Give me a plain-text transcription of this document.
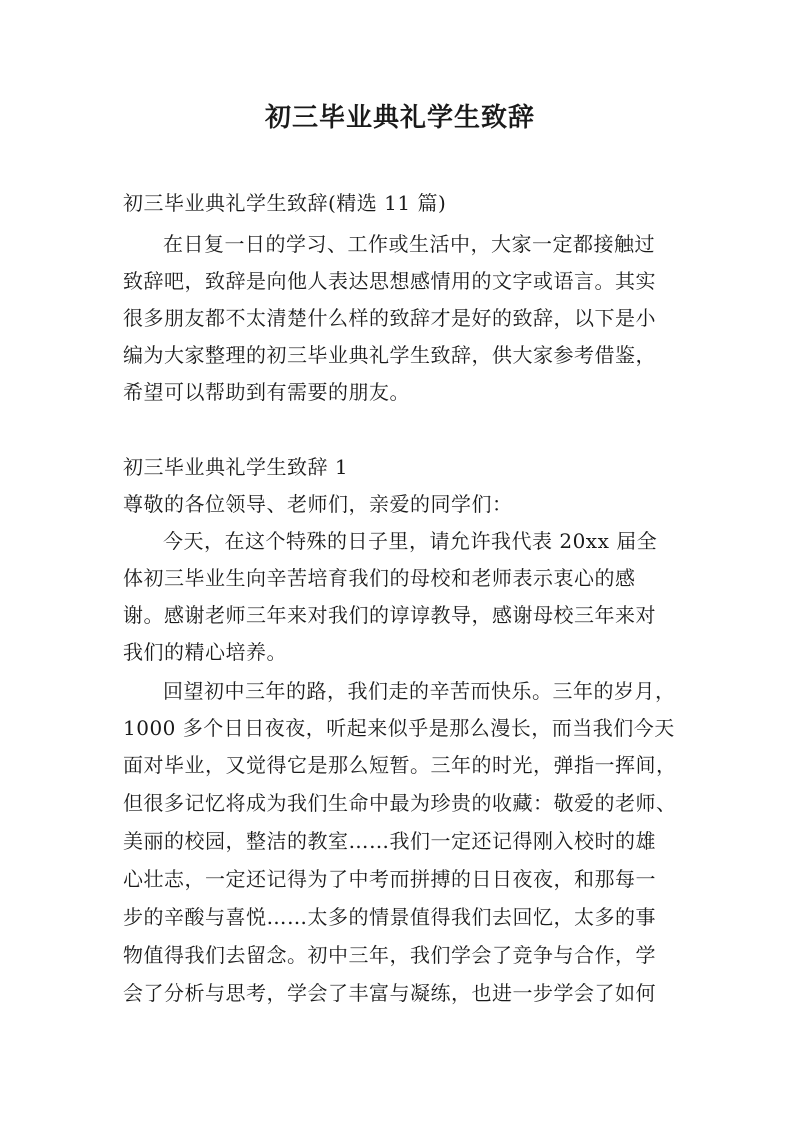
初三毕业典礼学生致辞
初三毕业典礼学生致辞(精选 11 篇)
在日复一日的学习、工作或生活中，大家一定都接触过
致辞吧，致辞是向他人表达思想感情用的文字或语言。其实
很多朋友都不太清楚什么样的致辞才是好的致辞，以下是小
编为大家整理的初三毕业典礼学生致辞，供大家参考借鉴，
希望可以帮助到有需要的朋友。
初三毕业典礼学生致辞 1
尊敬的各位领导、老师们，亲爱的同学们：
今天，在这个特殊的日子里，请允许我代表 20xx 届全
体初三毕业生向辛苦培育我们的母校和老师表示衷心的感
谢。感谢老师三年来对我们的谆谆教导，感谢母校三年来对
我们的精心培养。
回望初中三年的路，我们走的辛苦而快乐。三年的岁月，
1000 多个日日夜夜，听起来似乎是那么漫长，而当我们今天
面对毕业，又觉得它是那么短暂。三年的时光，弹指一挥间，
但很多记忆将成为我们生命中最为珍贵的收藏：敬爱的老师、
美丽的校园，整洁的教室……我们一定还记得刚入校时的雄
心壮志，一定还记得为了中考而拼搏的日日夜夜，和那每一
步的辛酸与喜悦……太多的情景值得我们去回忆，太多的事
物值得我们去留念。初中三年，我们学会了竞争与合作，学
会了分析与思考，学会了丰富与凝练，也进一步学会了如何
